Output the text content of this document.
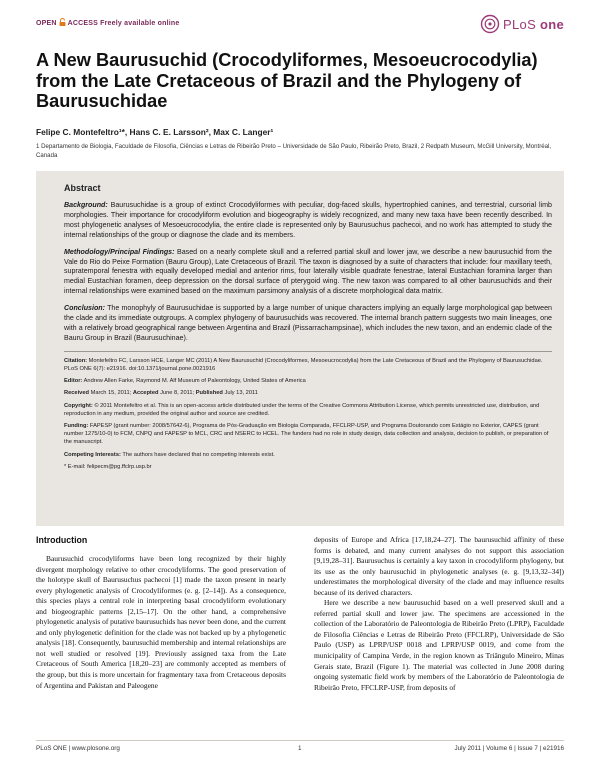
OPEN ACCESS Freely available online	PLoS one
A New Baurusuchid (Crocodyliformes, Mesoeucrocodylia) from the Late Cretaceous of Brazil and the Phylogeny of Baurusuchidae
Felipe C. Montefeltro¹*, Hans C. E. Larsson², Max C. Langer¹
1 Departamento de Biologia, Faculdade de Filosofia, Ciências e Letras de Ribeirão Preto – Universidade de São Paulo, Ribeirão Preto, Brazil, 2 Redpath Museum, McGill University, Montréal, Canada
Abstract

Background: Baurusuchidae is a group of extinct Crocodyliformes with peculiar, dog-faced skulls, hypertrophied canines, and terrestrial, cursorial limb morphologies. Their importance for crocodyliform evolution and biogeography is widely recognized, and many new taxa have been recently described. In most phylogenetic analyses of Mesoeucrocodylia, the entire clade is represented only by Baurusuchus pachecoi, and no work has attempted to study the internal relationships of the group or diagnose the clade and its members.

Methodology/Principal Findings: Based on a nearly complete skull and a referred partial skull and lower jaw, we describe a new baurusuchid from the Vale do Rio do Peixe Formation (Bauru Group), Late Cretaceous of Brazil. The taxon is diagnosed by a suite of characters that include: four maxillary teeth, supratemporal fenestra with equally developed medial and anterior rims, four laterally visible quadrate fenestrae, lateral Eustachian foramina larger than medial Eustachian foramen, deep depression on the dorsal surface of pterygoid wing. The new taxon was compared to all other baurusuchids and their internal relationships were examined based on the maximum parsimony analysis of a discrete morphological data matrix.

Conclusion: The monophyly of Baurusuchidae is supported by a large number of unique characters implying an equally large morphological gap between the clade and its immediate outgroups. A complex phylogeny of baurusuchids was recovered. The internal branch pattern suggests two main lineages, one with a relatively broad geographical range between Argentina and Brazil (Pissarrachampsinae), which includes the new taxon, and an endemic clade of the Bauru Group in Brazil (Baurusuchinae).

Citation: Montefeltro FC, Larsson HCE, Langer MC (2011) A New Baurusuchid (Crocodyliformes, Mesoeucrocodylia) from the Late Cretaceous of Brazil and the Phylogeny of Baurusuchidae. PLoS ONE 6(7): e21916. doi:10.1371/journal.pone.0021916

Editor: Andrew Allen Farke, Raymond M. Alf Museum of Paleontology, United States of America

Received March 15, 2011; Accepted June 8, 2011; Published July 13, 2011

Copyright: © 2011 Montefeltro et al. This is an open-access article distributed under the terms of the Creative Commons Attribution License, which permits unrestricted use, distribution, and reproduction in any medium, provided the original author and source are credited.

Funding: FAPESP (grant number: 2008/57642-6), Programa de Pós-Graduação em Biologia Comparada, FFCLRP-USP, and Programa Doutorando com Estágio no Exterior, CAPES (grant number 1275/10-0) to FCM, CNPQ and FAPESP to MCL, CRC and NSERC to HCEL. The funders had no role in study design, data collection and analysis, decision to publish, or preparation of the manuscript.

Competing Interests: The authors have declared that no competing interests exist.

* E-mail: felipecm@pg.ffclrp.usp.br

Introduction

Baurusuchid crocodyliforms have been long recognized by their highly divergent morphology relative to other crocodyliforms. The good preservation of the holotype skull of Baurusuchus pachecoi [1] made the taxon present in nearly every phylogenetic analysis of Crocodyliformes (e. g. [2–14]). As a consequence, this species plays a central role in interpreting basal crocodyliform evolutionary and biogeographic patterns [2,15–17]. On the other hand, a comprehensive phylogenetic analysis of putative baurusuchids has never been done, and the current and only phylogenetic definition for the clade was not backed up by a phylogenetic analysis [18]. Consequently, baurusuchid membership and internal relationships are not well studied or resolved [19]. Previously assigned taxa from the Late Cretaceous of South America [18,20–23] are commonly accepted as members of the group, but this is more uncertain for fragmentary taxa from Cretaceous deposits of Argentina and Pakistan and Paleogene

deposits of Europe and Africa [17,18,24–27]. The baurusuchid affinity of these forms is debated, and many current analyses do not support this association [9,19,28–31]. Baurusuchus is certainly a key taxon in crocodyliform phylogeny, but its use as the only baurusuchid in phylogenetic analyses (e. g. [9,13,32–34]) underestimates the morphological diversity of the clade and may influence results because of its derived characters.

Here we describe a new baurusuchid based on a well preserved skull and a referred partial skull and lower jaw. The specimens are accessioned in the collection of the Laboratório de Paleontologia de Ribeirão Preto (LPRP), Faculdade de Filosofia Ciências e Letras de Ribeirão Preto (FFCLRP), Universidade de São Paulo (USP) as LPRP/USP 0018 and LPRP/USP 0019, and come from the municipality of Campina Verde, in the region known as Triângulo Mineiro, Minas Gerais state, Brazil (Figure 1). The material was collected in June 2008 during ongoing systematic field work by members of the Laboratório de Paleontologia de Ribeirão Preto, FFCLRP-USP, from deposits of

PLoS ONE | www.plosone.org	1	July 2011 | Volume 6 | Issue 7 | e21916
